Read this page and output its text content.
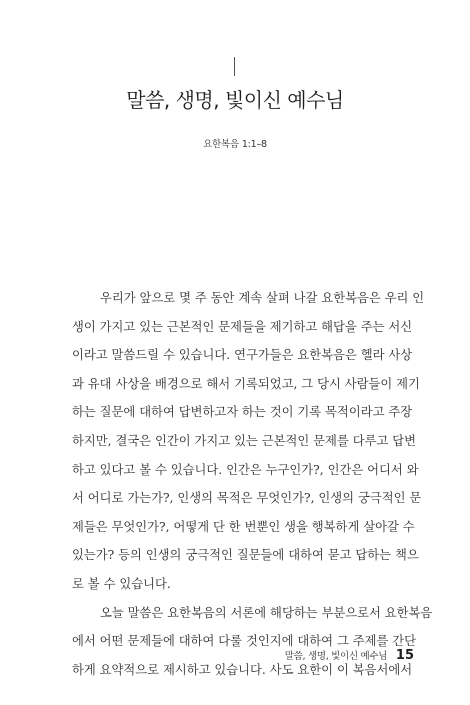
말씀, 생명, 빛이신 예수님
요한복음 1:1–8
우리가 앞으로 몇 주 동안 계속 살펴 나갈 요한복음은 우리 인
생이 가지고 있는 근본적인 문제들을 제기하고 해답을 주는 서신
이라고 말씀드릴 수 있습니다. 연구가들은 요한복음은 헬라 사상
과 유대 사상을 배경으로 해서 기록되었고, 그 당시 사람들이 제기
하는 질문에 대하여 답변하고자 하는 것이 기록 목적이라고 주장
하지만, 결국은 인간이 가지고 있는 근본적인 문제를 다루고 답변
하고 있다고 볼 수 있습니다. 인간은 누구인가?, 인간은 어디서 와
서 어디로 가는가?, 인생의 목적은 무엇인가?, 인생의 궁극적인 문
제들은 무엇인가?, 어떻게 단 한 번뿐인 생을 행복하게 살아갈 수
있는가? 등의 인생의 궁극적인 질문들에 대하여 묻고 답하는 책으
로 볼 수 있습니다.
오늘 말씀은 요한복음의 서론에 해당하는 부분으로서 요한복음
에서 어떤 문제들에 대하여 다룰 것인지에 대하여 그 주제를 간단
하게 요약적으로 제시하고 있습니다. 사도 요한이 이 복음서에서
말씀, 생명, 빛이신 예수님 15
